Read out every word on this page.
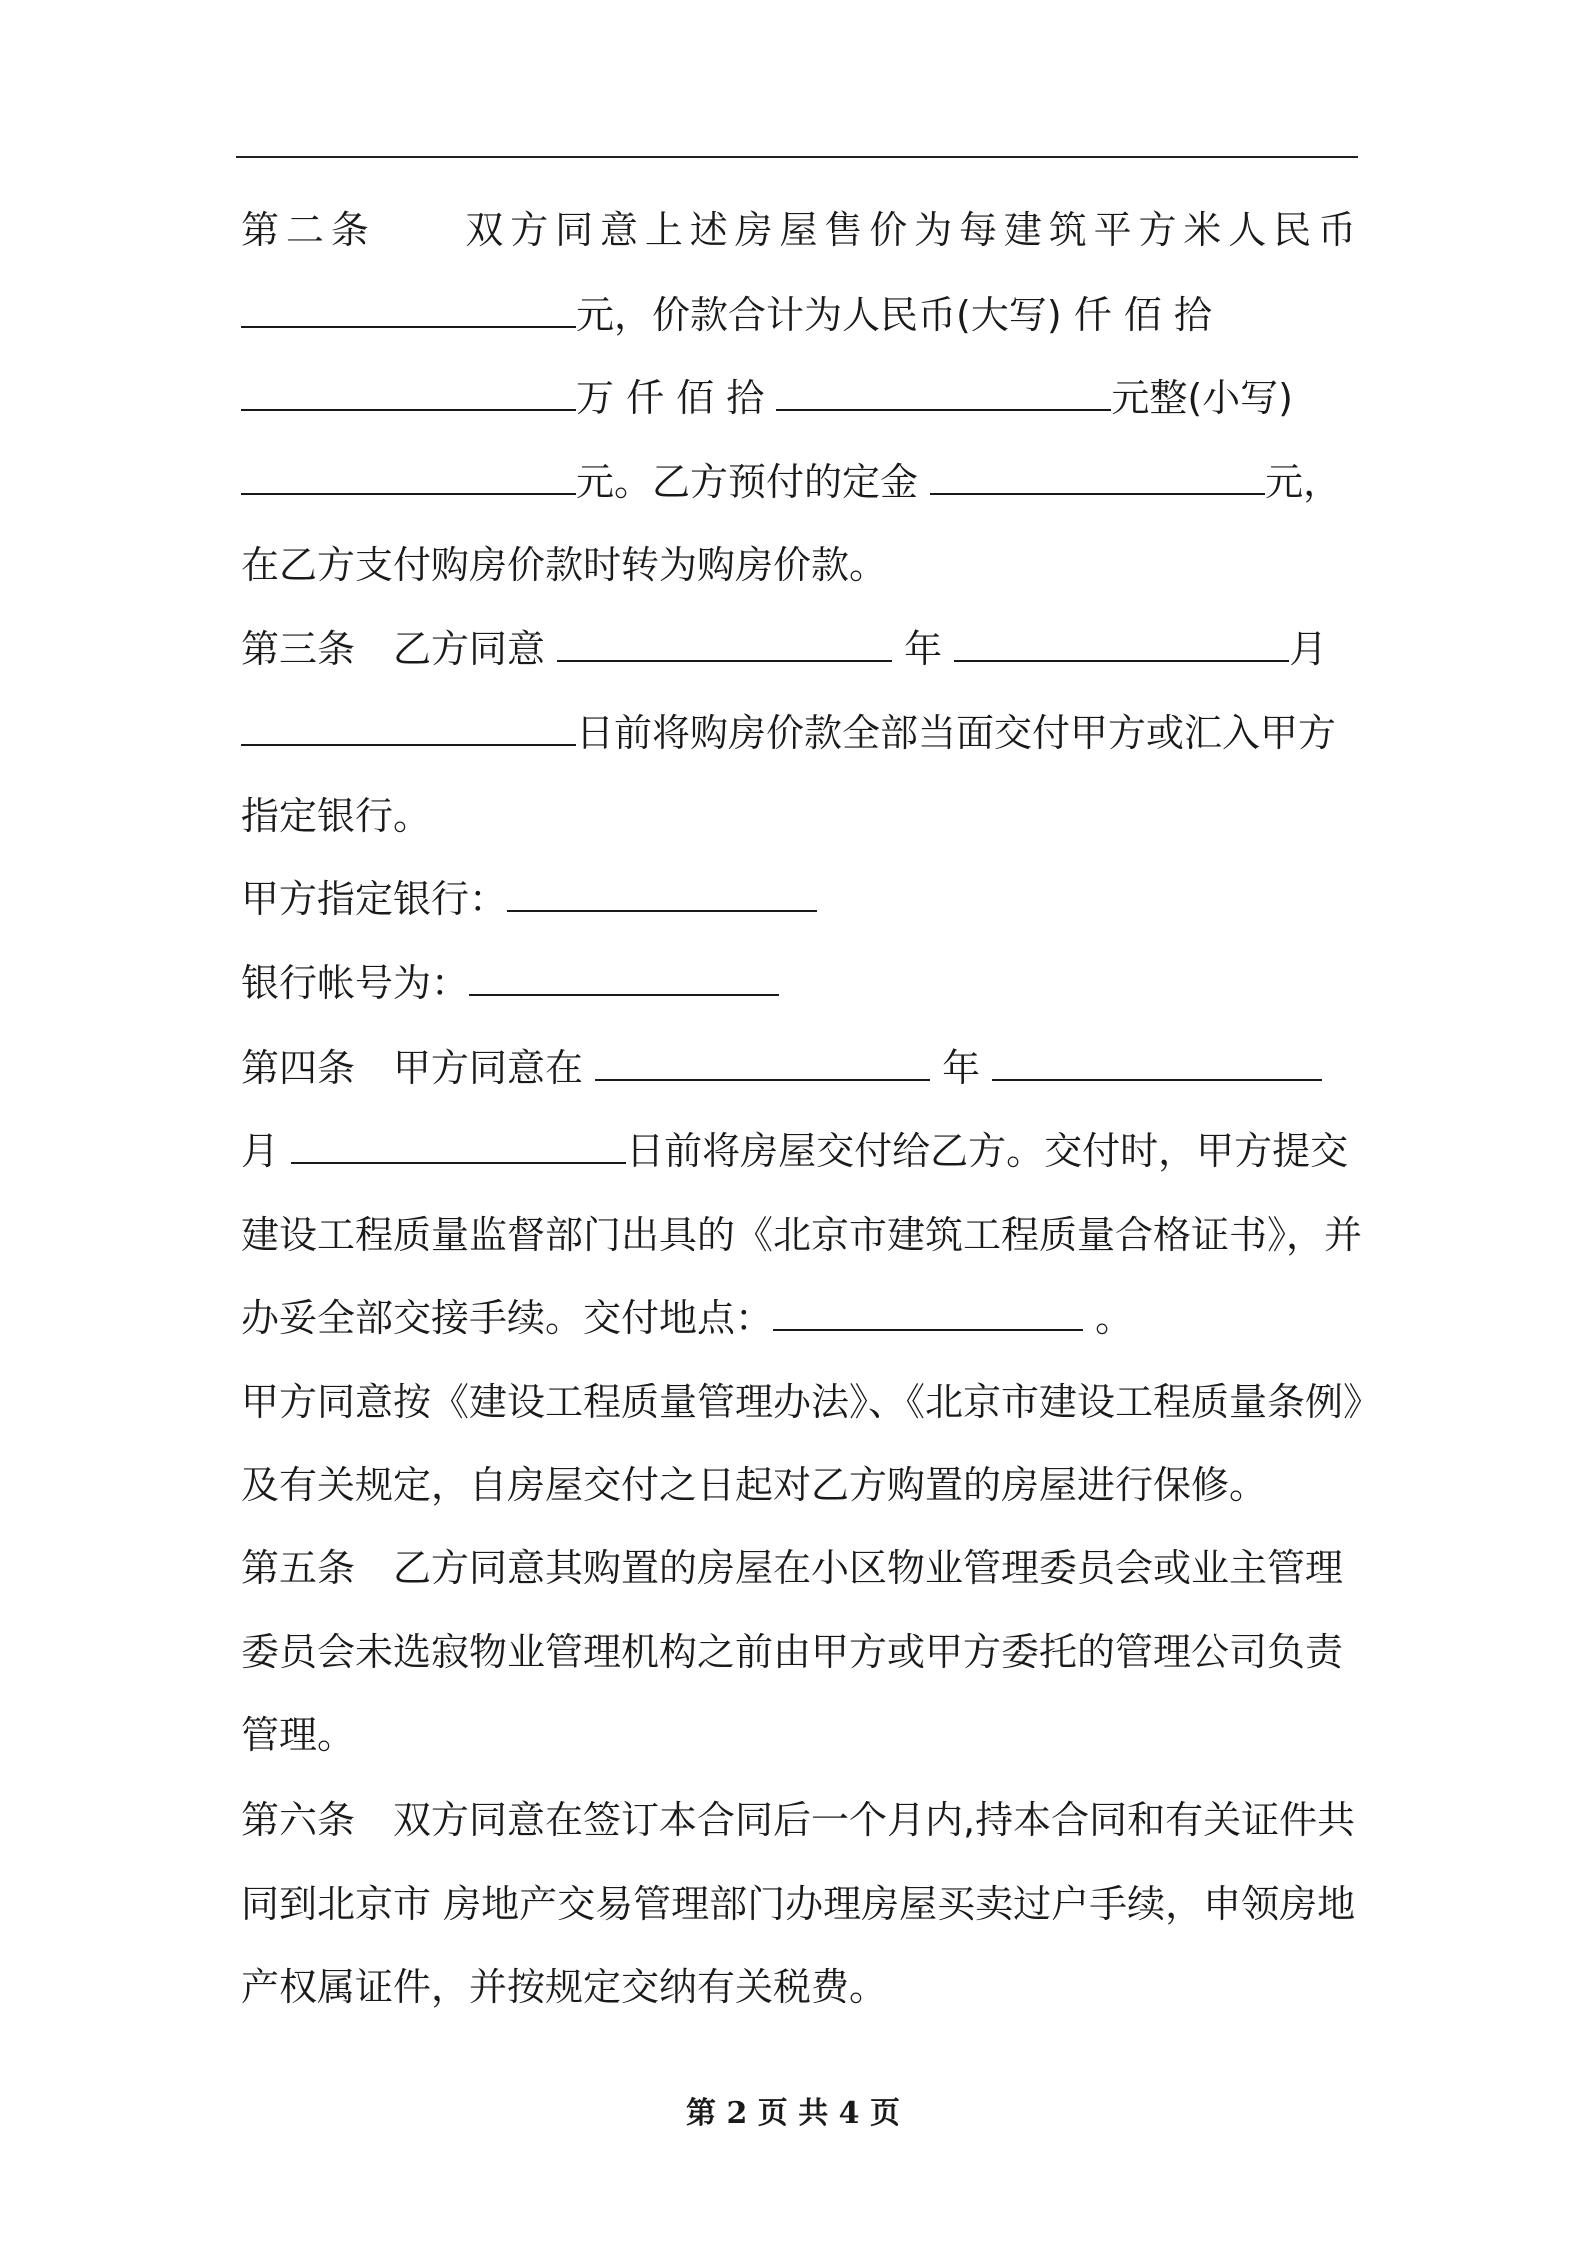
第二条　　双方同意上述房屋售价为每建筑平方米人民币
元，价款合计为人民币(大写) 仟 佰 拾
万 仟 佰 拾	元整(小写)
元。乙方预付的定金	元，
在乙方支付购房价款时转为购房价款。
第三条　乙方同意	年	月
日前将购房价款全部当面交付甲方或汇入甲方
指定银行。
甲方指定银行：
银行帐号为：
第四条　甲方同意在	年
月	日前将房屋交付给乙方。交付时，甲方提交
建设工程质量监督部门出具的《北京市建筑工程质量合格证书》，并
办妥全部交接手续。交付地点：	。
甲方同意按《建设工程质量管理办法》、《北京市建设工程质量条例》
及有关规定，自房屋交付之日起对乙方购置的房屋进行保修。
第五条　乙方同意其购置的房屋在小区物业管理委员会或业主管理
委员会未选寂物业管理机构之前由甲方或甲方委托的管理公司负责
管理。
第六条　双方同意在签订本合同后一个月内,持本合同和有关证件共
同到北京市 房地产交易管理部门办理房屋买卖过户手续，申领房地
产权属证件，并按规定交纳有关税费。
第 2 页 共 4 页
